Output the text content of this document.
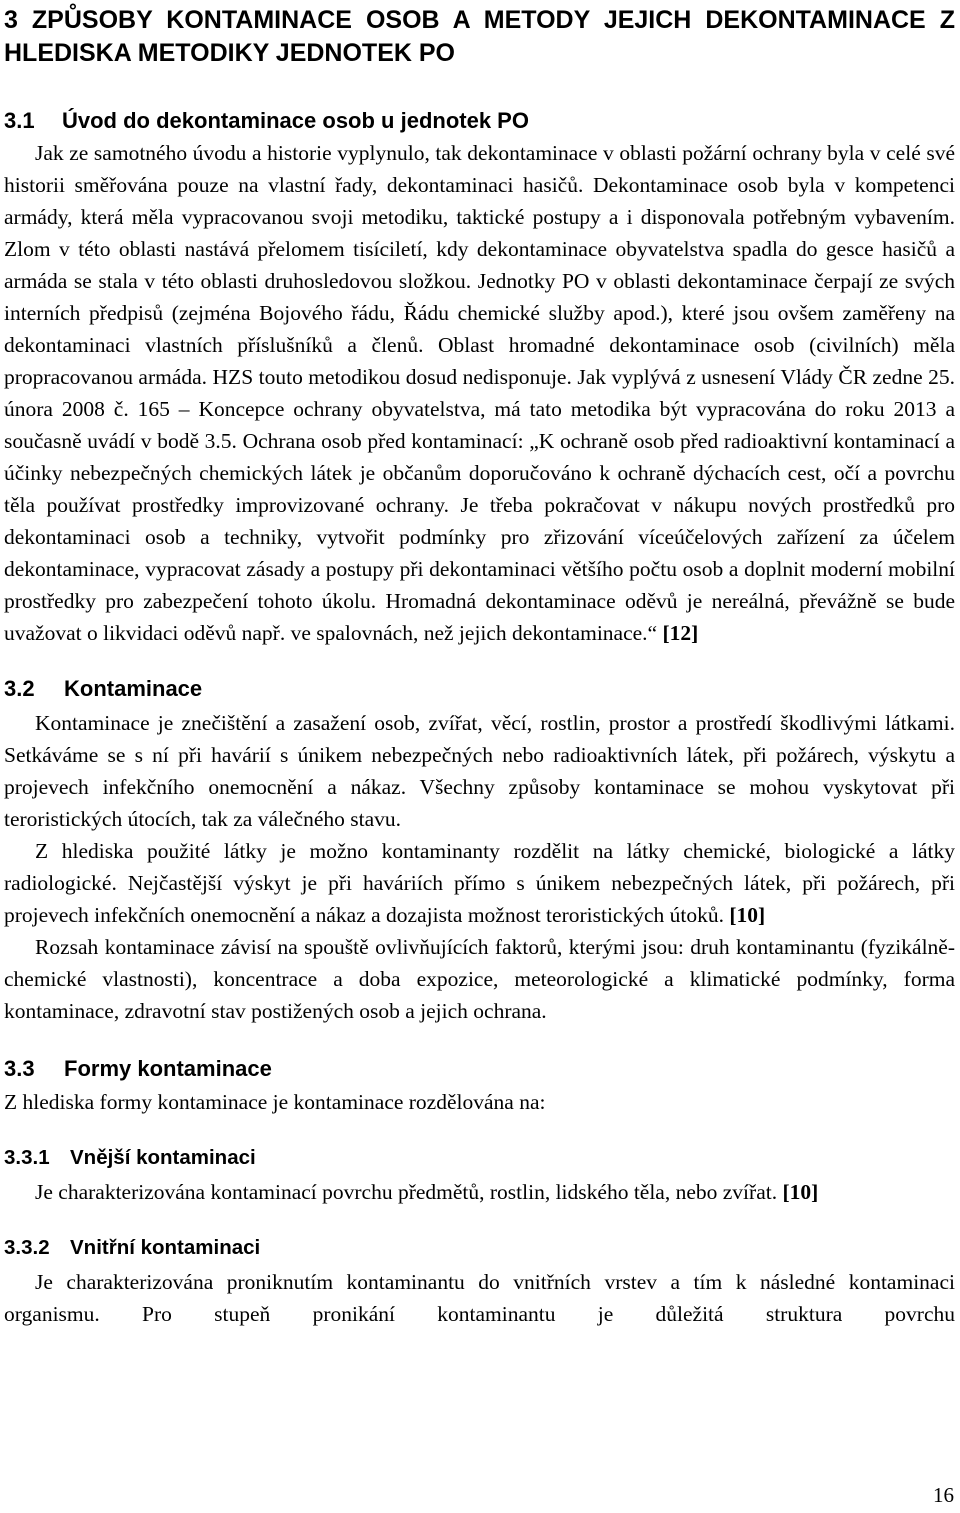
3 ZPŮSOBY KONTAMINACE OSOB A METODY JEJICH DEKONTAMINACE Z HLEDISKA METODIKY JEDNOTEK PO
3.1 Úvod do dekontaminace osob u jednotek PO

Jak ze samotného úvodu a historie vyplynulo, tak dekontaminace v oblasti požární ochrany byla v celé své historii směřována pouze na vlastní řady, dekontaminaci hasičů. Dekontaminace osob byla v kompetenci armády, která měla vypracovanou svoji metodiku, taktické postupy a i disponovala potřebným vybavením. Zlom v této oblasti nastává přelomem tisíciletí, kdy dekontaminace obyvatelstva spadla do gesce hasičů a armáda se stala v této oblasti druhosledovou složkou. Jednotky PO v oblasti dekontaminace čerpají ze svých interních předpisů (zejména Bojového řádu, Řádu chemické služby apod.), které jsou ovšem zaměřeny na dekontaminaci vlastních příslušníků a členů. Oblast hromadné dekontaminace osob (civilních) měla propracovanou armáda. HZS touto metodikou dosud nedisponuje. Jak vyplývá z usnesení Vlády ČR zedne 25. února 2008 č. 165 – Koncepce ochrany obyvatelstva, má tato metodika být vypracována do roku 2013 a současně uvádí v bodě 3.5. Ochrana osob před kontaminací: „K ochraně osob před radioaktivní kontaminací a účinky nebezpečných chemických látek je občanům doporučováno k ochraně dýchacích cest, očí a povrchu těla používat prostředky improvizované ochrany. Je třeba pokračovat v nákupu nových prostředků pro dekontaminaci osob a techniky, vytvořit podmínky pro zřizování víceúčelových zařízení za účelem dekontaminace, vypracovat zásady a postupy při dekontaminaci většího počtu osob a doplnit moderní mobilní prostředky pro zabezpečení tohoto úkolu. Hromadná dekontaminace oděvů je nereálná, převážně se bude uvažovat o likvidaci oděvů např. ve spalovnách, než jejich dekontaminace.“ [12]

3.2 Kontaminace

Kontaminace je znečištění a zasažení osob, zvířat, věcí, rostlin, prostor a prostředí škodlivými látkami. Setkáváme se s ní při havárií s únikem nebezpečných nebo radioaktivních látek, při požárech, výskytu a projevech infekčního onemocnění a nákaz. Všechny způsoby kontaminace se mohou vyskytovat při teroristických útocích, tak za válečného stavu.

Z hlediska použité látky je možno kontaminanty rozdělit na látky chemické, biologické a látky radiologické. Nejčastější výskyt je při haváriích přímo s únikem nebezpečných látek, při požárech, při projevech infekčních onemocnění a nákaz a dozajista možnost teroristických útoků. [10]

Rozsah kontaminace závisí na spouště ovlivňujících faktorů, kterými jsou: druh kontaminantu (fyzikálně-chemické vlastnosti), koncentrace a doba expozice, meteorologické a klimatické podmínky, forma kontaminace, zdravotní stav postižených osob a jejich ochrana.

3.3 Formy kontaminace

Z hlediska formy kontaminace je kontaminace rozdělována na:

3.3.1 Vnější kontaminaci

Je charakterizována kontaminací povrchu předmětů, rostlin, lidského těla, nebo zvířat. [10]

3.3.2 Vnitřní kontaminaci

Je charakterizována proniknutím kontaminantu do vnitřních vrstev a tím k následné kontaminaci organismu. Pro stupeň pronikání kontaminantu je důležitá struktura povrchu

16
